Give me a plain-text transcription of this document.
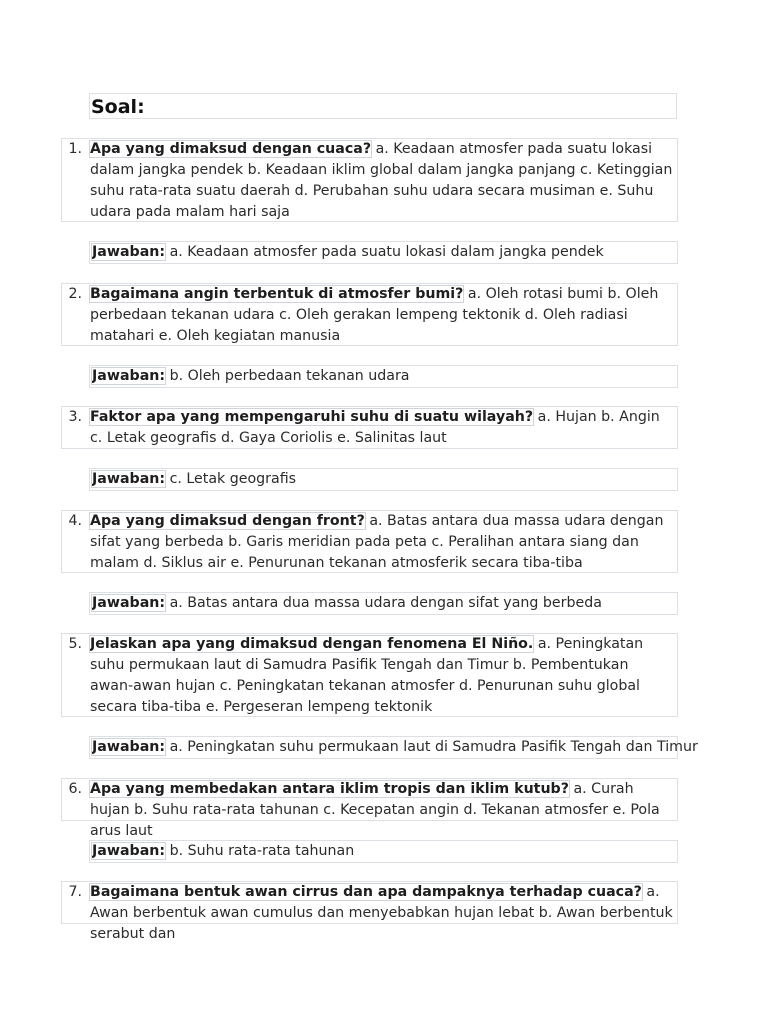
Soal:
1. Apa yang dimaksud dengan cuaca? a. Keadaan atmosfer pada suatu lokasi dalam jangka pendek b. Keadaan iklim global dalam jangka panjang c. Ketinggian suhu rata-rata suatu daerah d. Perubahan suhu udara secara musiman e. Suhu udara pada malam hari saja
Jawaban: a. Keadaan atmosfer pada suatu lokasi dalam jangka pendek
2. Bagaimana angin terbentuk di atmosfer bumi? a. Oleh rotasi bumi b. Oleh perbedaan tekanan udara c. Oleh gerakan lempeng tektonik d. Oleh radiasi matahari e. Oleh kegiatan manusia
Jawaban: b. Oleh perbedaan tekanan udara
3. Faktor apa yang mempengaruhi suhu di suatu wilayah? a. Hujan b. Angin c. Letak geografis d. Gaya Coriolis e. Salinitas laut
Jawaban: c. Letak geografis
4. Apa yang dimaksud dengan front? a. Batas antara dua massa udara dengan sifat yang berbeda b. Garis meridian pada peta c. Peralihan antara siang dan malam d. Siklus air e. Penurunan tekanan atmosferik secara tiba-tiba
Jawaban: a. Batas antara dua massa udara dengan sifat yang berbeda
5. Jelaskan apa yang dimaksud dengan fenomena El Niño. a. Peningkatan suhu permukaan laut di Samudra Pasifik Tengah dan Timur b. Pembentukan awan-awan hujan c. Peningkatan tekanan atmosfer d. Penurunan suhu global secara tiba-tiba e. Pergeseran lempeng tektonik
Jawaban: a. Peningkatan suhu permukaan laut di Samudra Pasifik Tengah dan Timur
6. Apa yang membedakan antara iklim tropis dan iklim kutub? a. Curah hujan b. Suhu rata-rata tahunan c. Kecepatan angin d. Tekanan atmosfer e. Pola arus laut
Jawaban: b. Suhu rata-rata tahunan
7. Bagaimana bentuk awan cirrus dan apa dampaknya terhadap cuaca? a. Awan berbentuk awan cumulus dan menyebabkan hujan lebat b. Awan berbentuk serabut dan
